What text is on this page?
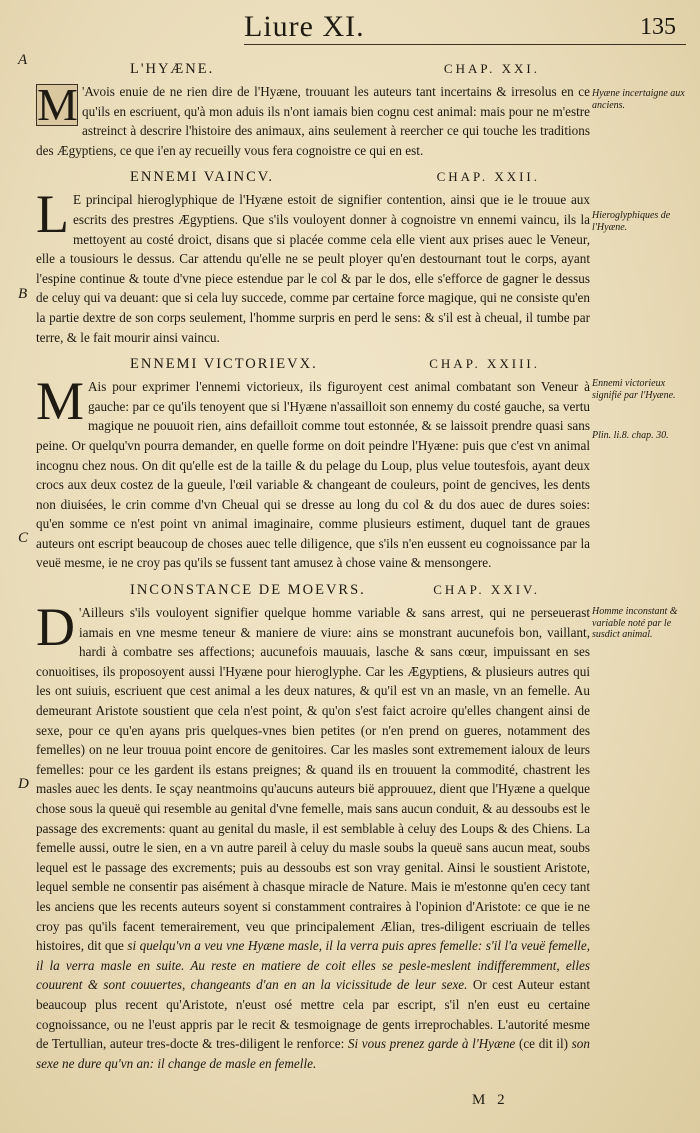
Liure XI.	135
A
B
C
D
L'HYÆNE.	CHAP. XXI.

M 'Avois enuie de ne rien dire de l'Hyæne, trouuant les auteurs tant incertains & irresolus en ce qu'ils en escriuent, qu'à mon aduis ils n'ont iamais bien cognu cest animal: mais pour ne m'estre astreinct à descrire l'histoire des animaux, ains seulement à reercher ce qui touche les traditions des Ægyptiens, ce que i'en ay recueilly vous fera cognoistre ce qui en est.

ENNEMI VAINCV.	CHAP. XXII.

L E principal hieroglyphique de l'Hyæne estoit de signifier contention, ainsi que ie le trouue aux escrits des prestres Ægyptiens. Que s'ils vouloyent donner à cognoistre vn ennemi vaincu, ils la mettoyent au costé droict, disans que si placée comme cela elle vient aux prises auec le Veneur, elle a tousiours le dessus. Car attendu qu'elle ne se peult ployer qu'en destournant tout le corps, ayant l'espine continue & toute d'vne piece estendue par le col & par le dos, elle s'efforce de gagner le dessus de celuy qui va deuant: que si cela luy succede, comme par certaine force magique, qui ne consiste qu'en la partie dextre de son corps seulement, l'homme surpris en perd le sens: & s'il est à cheual, il tumbe par terre, & le fait mourir ainsi vaincu.

ENNEMI VICTORIEVX.	CHAP. XXIII.

M Ais pour exprimer l'ennemi victorieux, ils figuroyent cest animal combatant son Veneur à gauche: par ce qu'ils tenoyent que si l'Hyæne n'assailloit son ennemy du costé gauche, sa vertu magique ne pouuoit rien, ains defailloit comme tout estonnée, & se laissoit prendre quasi sans peine. Or quelqu'vn pourra demander, en quelle forme on doit peindre l'Hyæne: puis que c'est vn animal incognu chez nous. On dit qu'elle est de la taille & du pelage du Loup, plus velue toutesfois, ayant deux crocs aux deux costez de la gueule, l'œil variable & changeant de couleurs, point de gencives, les dents non diuisées, le crin comme d'vn Cheual qui se dresse au long du col & du dos auec de dures soies: qu'en somme ce n'est point vn animal imaginaire, comme plusieurs estiment, duquel tant de graues auteurs ont escript beaucoup de choses auec telle diligence, que s'ils n'en eussent eu cognoissance par la veuë mesme, ie ne croy pas qu'ils se fussent tant amusez à chose vaine & mensongere.

INCONSTANCE DE MOEVRS.	CHAP. XXIV.

D 'Ailleurs s'ils vouloyent signifier quelque homme variable & sans arrest, qui ne perseuerast iamais en vne mesme teneur & maniere de viure: ains se monstrant aucunefois bon, vaillant, hardi à combatre ses affections; aucunefois mauuais, lasche & sans cœur, impuissant en ses conuoitises, ils proposoyent aussi l'Hyæne pour hieroglyphe. Car les Ægyptiens, & plusieurs autres qui les ont suiuis, escriuent que cest animal a les deux natures, & qu'il est vn an masle, vn an femelle. Au demeurant Aristote soustient que cela n'est point, & qu'on s'est faict acroire qu'elles changent ainsi de sexe, pour ce qu'en ayans pris quelques-vnes bien petites (or n'en prend on gueres, notamment des femelles) on ne leur trouua point encore de genitoires. Car les masles sont extremement ialoux de leurs femelles: pour ce les gardent ils estans preignes; & quand ils en trouuent la commodité, chastrent les masles auec les dents. Ie sçay neantmoins qu'aucuns auteurs bië approuuez, dient que l'Hyæne a quelque chose sous la queuë qui resemble au genital d'vne femelle, mais sans aucun conduit, & au dessoubs est le passage des excrements: quant au genital du masle, il est semblable à celuy des Loups & des Chiens. La femelle aussi, outre le sien, en a vn autre pareil à celuy du masle soubs la queuë sans aucun meat, soubs lequel est le passage des excrements; puis au dessoubs est son vray genital. Ainsi le soustient Aristote, lequel semble ne consentir pas aisément à chasque miracle de Nature. Mais ie m'estonne qu'en cecy tant les anciens que les recents auteurs soyent si constamment contraires à l'opinion d'Aristote: ce que ie ne croy pas qu'ils facent temerairement, veu que principalement Ælian, tres-diligent escriuain de telles histoires, dit que si quelqu'vn a veu vne Hyæne masle, il la verra puis apres femelle: s'il l'a veuë femelle, il la verra masle en suite. Au reste en matiere de coit elles se pesle-meslent indifferemment, elles couurent & sont couuertes, changeants d'an en an la vicissitude de leur sexe. Or cest Auteur estant beaucoup plus recent qu'Aristote, n'eust osé mettre cela par escript, s'il n'en eust eu certaine cognoissance, ou ne l'eust appris par le recit & tesmoignage de gents irreprochables. L'autorité mesme de Tertullian, auteur tres-docte & tres-diligent le renforce: Si vous prenez garde à l'Hyæne (ce dit il) son sexe ne dure qu'vn an: il change de masle en femelle.

Hyæne incertaigne aux anciens.
Hieroglyphiques de l'Hyæne.
Ennemi victorieux signifié par l'Hyæne.
Plin. li.8. chap. 30.
Homme inconstant & variable noté par le susdict animal.
M 2
